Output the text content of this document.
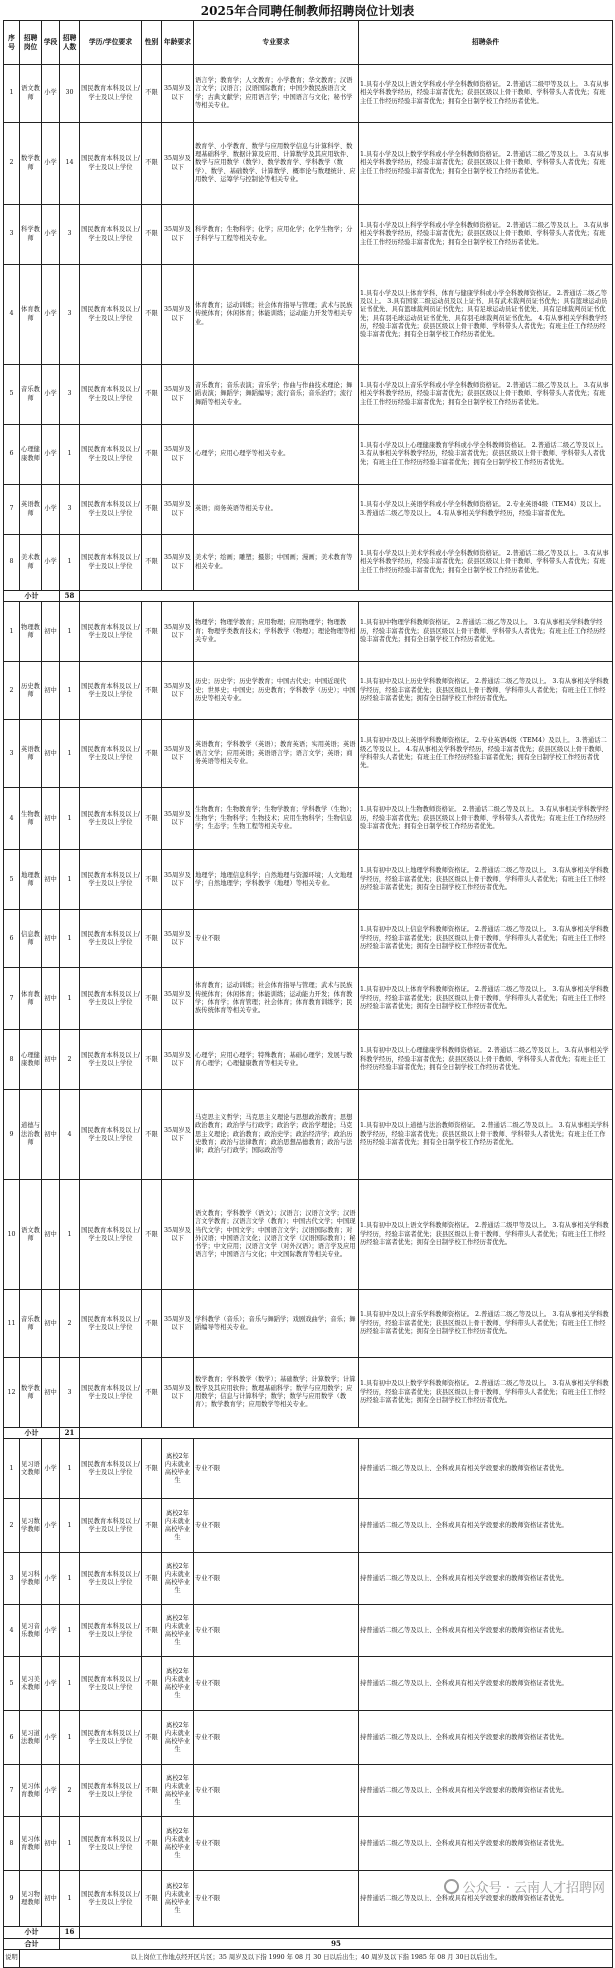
2025年合同聘任制教师招聘岗位计划表
序号	招聘岗位	学段	招聘人数	学历/学位要求	性别	年龄要求	专业要求	招聘条件
1	语文教师	小学	30	国民教育本科及以上/学士及以上学位	不限	35周岁及以下	语言学；教育学；人文教育；小学教育；华文教育；汉语言文学；汉语言；汉语国际教育；中国少数民族语言文学；古典文献学；应用语言学；中国语言与文化；秘书学等相关专业。	1.具有小学及以上语文学科或小学全科教师资格证。 2.普通话二级甲等及以上。 3.有从事相关学科教学经历，经验丰富者优先；获县区级以上骨干教师、学科带头人者优先；有班主任工作经历经验丰富者优先；拥有全日制学校工作经历者优先。
2	数学教师	小学	14	国民教育本科及以上/学士及以上学位	不限	35周岁及以下	教育学、小学教育、数学与应用数学信息与计算科学、数理基础科学、数据计算及应用、计算数学及其应用软件、数学与应用数学（数学）、数学教育学、学科教学（数学）、数学、基础数学、计算数学、概率论与数理统计、应用数学、运筹学与控制论等相关专业。	1.具有小学及以上数学学科或小学全科教师资格证。 2.普通话二级乙等及以上。 3.有从事相关学科教学经历，经验丰富者优先；获县区级以上骨干教师、学科带头人者优先；有班主任工作经历经验丰富者优先；拥有全日制学校工作经历者优先。
3	科学教师	小学	3	国民教育本科及以上/学士及以上学位	不限	35周岁及以下	科学教育；生物科学；化学；应用化学；化学生物学；分子科学与工程等相关专业。	1.具有小学及以上科学学科或小学全科教师资格证。 2.普通话二级乙等及以上。 3.有从事相关学科教学经历，经验丰富者优先；获县区级以上骨干教师、学科带头人者优先；有班主任工作经历经验丰富者优先；拥有全日制学校工作经历者优先。
4	体育教师	小学	3	国民教育本科及以上/学士及以上学位	不限	35周岁及以下	体育教育；运动训练；社会体育指导与管理；武术与民族传统体育；休闲体育；体能训练；运动能力开发等相关专业。	1.具有小学及以上体育学科、体育与健康学科或小学全科教师资格证。 2.普通话二级乙等及以上。 3.具有国家二级运动员及以上证书、具有武术裁判员证书优先；具有篮球运动员证书优先、具有篮球裁判员证书优先；具有足球运动员证书优先、具有足球裁判员证书优先；具有羽毛球运动员证书优先、具有羽毛球裁判员证书优先。 4.有从事相关学科教学经历，经验丰富者优先；获县区级以上骨干教师、学科带头人者优先；有班主任工作经历经验丰富者优先；拥有全日制学校工作经历者优先。
5	音乐教师	小学	3	国民教育本科及以上/学士及以上学位	不限	35周岁及以下	音乐教育；音乐表演；音乐学；作曲与作曲技术理论；舞蹈表演；舞蹈学；舞蹈编导；流行音乐；音乐治疗；流行舞蹈等相关专业。	1.具有小学及以上音乐学科或小学全科教师资格证。 2.普通话二级乙等及以上。 3.有从事相关学科教学经历，经验丰富者优先；获县区级以上骨干教师、学科带头人者优先；有班主任工作经历经验丰富者优先；拥有全日制学校工作经历者优先。
6	心理健康教师	小学	1	国民教育本科及以上/学士及以上学位	不限	35周岁及以下	心理学；应用心理学等相关专业。	1.具有小学及以上心理健康教育学科或小学全科教师资格证。 2.普通话二级乙等及以上。 3.有从事相关学科教学经历，经验丰富者优先；获县区级以上骨干教师、学科带头人者优先；有班主任工作经历经验丰富者优先；拥有全日制学校工作经历者优先。
7	英语教师	小学	3	国民教育本科及以上/学士及以上学位	不限	35周岁及以下	英语；商务英语等相关专业。	1.具有小学及以上英语学科或小学全科教师资格证。 2.专业英语4级（TEM4）及以上。 3.普通话二级乙等及以上。 4.有从事相关学科教学经历，经验丰富者优先。
8	美术教师	小学	1	国民教育本科及以上/学士及以上学位	不限	35周岁及以下	美术学；绘画；雕塑；摄影；中国画；漫画；美术教育等相关专业。	1.具有小学及以上美术学科或小学全科教师资格证。 2.普通话二级乙等及以上。 3.有从事相关学科教学经历，经验丰富者优先；获县区级以上骨干教师、学科带头人者优先；有班主任工作经历经验丰富者优先；拥有全日制学校工作经历者优先。
小计			58					
1	物理教师	初中	1	国民教育本科及以上/学士及以上学位	不限	35周岁及以下	物理学；物理学教育；应用物理；应用物理学；物理教育；物理学类教育技术；学科教学（物理）；理论物理等相关专业。	1.具有初中物理学科教师资格证。 2.普通话二级乙等及以上。 3.有从事相关学科教学经历，经验丰富者优先；获县区级以上骨干教师、学科带头人者优先；有班主任工作经历经验丰富者优先；拥有全日制学校工作经历者优先。
2	历史教师	初中	1	国民教育本科及以上/学士及以上学位	不限	35周岁及以下	历史；历史学；历史学教育；中国古代史；中国近现代史；世界史；中国史；历史教育；学科教学（历史）；中国历史等相关专业。	1.具有初中及以上历史学科教师资格证。 2.普通话二级乙等及以上。 3.有从事相关学科教学经历，经验丰富者优先；获县区级以上骨干教师、学科带头人者优先；有班主任工作经历经验丰富者优先；拥有全日制学校工作经历者优先。
3	英语教师	初中	1	国民教育本科及以上/学士及以上学位	不限	35周岁及以下	英语教育；学科教学（英语）；教育英语；实用英语；英语语言文学；应用英语；英语语言学；语言文学；英语；商务英语等相关专业。	1.具有初中及以上英语学科教师资格证。 2.专业英语4级（TEM4）及以上。 3.普通话二级乙等及以上。 4.有从事相关学科教学经历，经验丰富者优先；获县区级以上骨干教师、学科带头人者优先；有班主任工作经历经验丰富者优先；拥有全日制学校工作经历者优先。
4	生物教师	初中	1	国民教育本科及以上/学士及以上学位	不限	35周岁及以下	生物教育；生物教育学；生物学教育；学科教学（生物）；生物学；生物科学；生物技术；应用生物科学；生物信息学；生态学；生物工程等相关专业。	1.具有初中及以上生物教师资格证。 2.普通话二级乙等及以上。 3.有从事相关学科教学经历，经验丰富者优先；获县区级以上骨干教师、学科带头人者优先；有班主任工作经历经验丰富者优先；拥有全日制学校工作经历者优先。
5	地理教师	初中	1	国民教育本科及以上/学士及以上学位	不限	35周岁及以下	地理学；地理信息科学；自然地理与资源环境；人文地理学；自然地理学；学科教学（地理）等相关专业。	1.具有初中及以上地理学科教师资格证。 2.普通话二级乙等及以上。 3.有从事相关学科教学经历，经验丰富者优先；获县区级以上骨干教师、学科带头人者优先；有班主任工作经历经验丰富者优先；拥有全日制学校工作经历者优先。
6	信息教师	初中	1	国民教育本科及以上/学士及以上学位	不限	35周岁及以下	专业不限	1.具有初中及以上信息学科教师资格证。 2.普通话二级乙等及以上。 3.有从事相关学科教学经历，经验丰富者优先；获县区级以上骨干教师、学科带头人者优先；有班主任工作经历经验丰富者优先；拥有全日制学校工作经历者优先。
7	体育教师	初中	1	国民教育本科及以上/学士及以上学位	不限	35周岁及以下	体育教育；运动训练；社会体育指导与管理；武术与民族传统体育；休闲体育；体能训练；运动能力开发；体育教学；体育学；体育管理；社会体育；体育教育训练学；民族传统体育等相关专业。	1.具有初中及以上体育学科教师资格证。 2.普通话二级乙等及以上。 3.有从事相关学科教学经历，经验丰富者优先；获县区级以上骨干教师、学科带头人者优先；有班主任工作经历经验丰富者优先；拥有全日制学校工作经历者优先。
8	心理健康教师	初中	2	国民教育本科及以上/学士及以上学位	不限	35周岁及以下	心理学；应用心理学；特殊教育；基础心理学；发展与教育心理学；心理健康教育等相关专业。	1.具有初中及以上心理健康学科教师资格证。 2.普通话二级乙等及以上。 3.有从事相关学科教学经历，经验丰富者优先；获县区级以上骨干教师、学科带头人者优先；有班主任工作经历经验丰富者优先；拥有全日制学校工作经历者优先。
9	道德与法治教师	初中	4	国民教育本科及以上/学士及以上学位	不限	35周岁及以下	马克思主义哲学；马克思主义理论与思想政治教育；思想政治教育；政治学与行政学；政治学；政治学理论；马克思主义理论；政治教育；政治史学；政治经济学；政治历史教育；政治与法律教育；政治思想品德教育；政治与法律；政治与行政学；国际政治等	1.具有初中及以上道德与法治教师资格证。 2.普通话二级乙等及以上。 3.有从事相关学科教学经历，经验丰富者优先；获县区级以上骨干教师、学科带头人者优先；有班主任工作经历经验丰富者优先；拥有全日制学校工作经历者优先。
10	语文教师	初中	1	国民教育本科及以上/学士及以上学位	不限	35周岁及以下	语文教育；学科教学（语文）；汉语言；汉语言文学；汉语言文学教育；汉语言文学（教育）；中国古代文学；中国现当代文学；中国文学；中国语言文学；汉语国际教育；对外汉语；中国语言文化；汉语言文学（汉语国际教育）；秘书学；中文应用；汉语言文学（对外汉语）；语言学及应用语言学；中国语言与文化；中文国际教育等相关专业。	1.具有初中及以上语文学科教师资格证。 2.普通话二级甲等及以上。 3.有从事相关学科教学经历，经验丰富者优先；获县区级以上骨干教师、学科带头人者优先；有班主任工作经历经验丰富者优先；拥有全日制学校工作经历者优先。
11	音乐教师	初中	2	国民教育本科及以上/学士及以上学位	不限	35周岁及以下	学科教学（音乐）；音乐与舞蹈学；戏剧戏曲学；音乐；舞蹈编导等相关专业。	1.具有初中及以上音乐学科教师资格证。 2.普通话二级乙等及以上。 3.有从事相关学科教学经历，经验丰富者优先；获县区级以上骨干教师、学科带头人者优先；有班主任工作经历经验丰富者优先；拥有全日制学校工作经历者优先。
12	数学教师	初中	3	国民教育本科及以上/学士及以上学位	不限	35周岁及以下	数学教育；学科教学（数学）；基础数学；计算数学；计算数学及其应用软件；数理基础科学；数学与应用数学；应用数学；信息与计算科学；数学；数学与应用数学（教育）；数学教育学；应用数学等相关专业。	1.具有初中及以上数学学科教师资格证。 2.普通话二级乙等及以上。 3.有从事相关学科教学经历，经验丰富者优先；获县区级以上骨干教师、学科带头人者优先；有班主任工作经历经验丰富者优先；拥有全日制学校工作经历者优先。
小计			21					
1	见习语文教师	小学	1	国民教育本科及以上/学士及以上学位	不限	离校2年内未就业高校毕业生	专业不限	持普通话二级乙等及以上、全科或具有相关学段要求的教师资格证者优先。
2	见习数学教师	小学	1	国民教育本科及以上/学士及以上学位	不限	离校2年内未就业高校毕业生	专业不限	持普通话二级乙等及以上、全科或具有相关学段要求的教师资格证者优先。
3	见习科学教师	小学	1	国民教育本科及以上/学士及以上学位	不限	离校2年内未就业高校毕业生	专业不限	持普通话二级乙等及以上、全科或具有相关学段要求的教师资格证者优先。
4	见习音乐教师	小学	1	国民教育本科及以上/学士及以上学位	不限	离校2年内未就业高校毕业生	专业不限	持普通话二级乙等及以上、全科或具有相关学段要求的教师资格证者优先。
5	见习美术教师	小学	1	国民教育本科及以上/学士及以上学位	不限	离校2年内未就业高校毕业生	专业不限	持普通话二级乙等及以上、全科或具有相关学段要求的教师资格证者优先。
6	见习道法教师	小学	1	国民教育本科及以上/学士及以上学位	不限	离校2年内未就业高校毕业生	专业不限	持普通话二级乙等及以上、全科或具有相关学段要求的教师资格证者优先。
7	见习体育教师	小学	2	国民教育本科及以上/学士及以上学位	不限	离校2年内未就业高校毕业生	专业不限	持普通话二级乙等及以上、全科或具有相关学段要求的教师资格证者优先。
8	见习体育教师	初中	1	国民教育本科及以上/学士及以上学位	不限	离校2年内未就业高校毕业生	专业不限	持普通话二级乙等及以上、全科或具有相关学段要求的教师资格证者优先。
9	见习物理教师	初中	1	国民教育本科及以上/学士及以上学位	不限	离校2年内未就业高校毕业生	专业不限	持普通话二级乙等及以上、全科或具有相关学段要求的教师资格证者优先。
小计			16					
合计			95					
说明	以上岗位工作地点经开区片区；35 周岁及以下指 1990 年 08 月 30 日以后出生；40 周岁及以下指 1985 年 08 月 30日以后出生。							
公众号 · 云南人才招聘网
